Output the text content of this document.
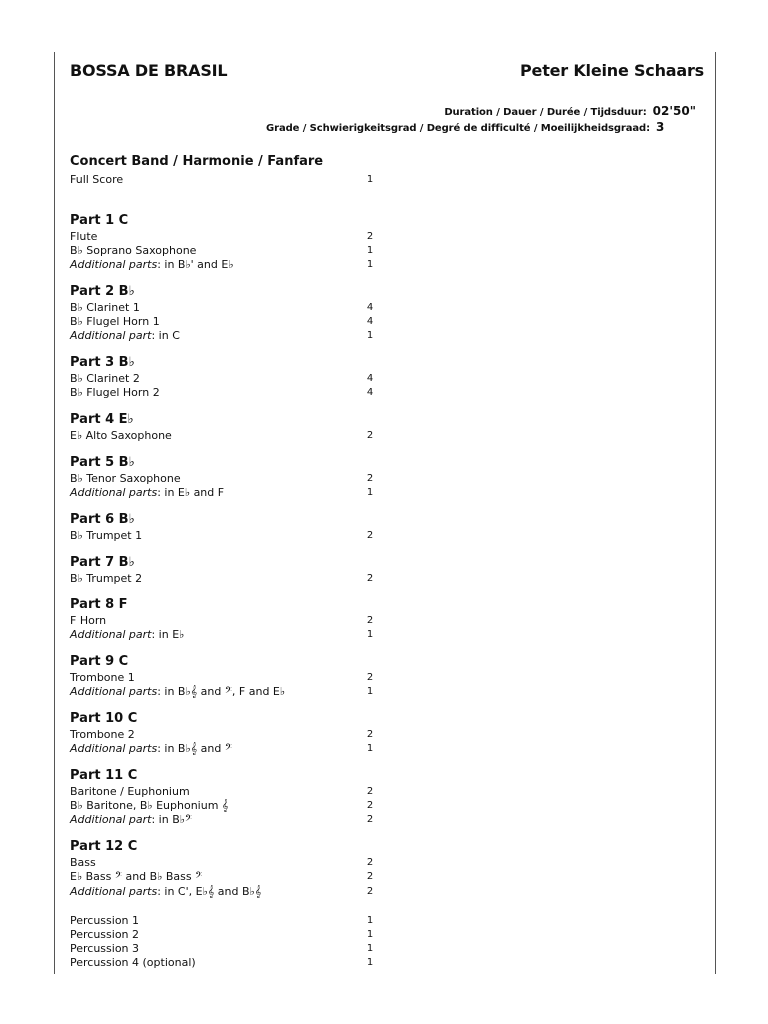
BOSSA DE BRASIL	Peter Kleine Schaars
Duration / Dauer / Durée / Tijdsduur: 02'50"
Grade / Schwierigkeitsgrad / Degré de difficulté / Moeilijkheidsgraad: 3
Concert Band / Harmonie / Fanfare
Full Score	1
Part 1 C
Flute	2
B♭ Soprano Saxophone	1
Additional parts: in B♭' and E♭	1
Part 2 B♭
B♭ Clarinet 1	4
B♭ Flugel Horn 1	4
Additional part: in C	1
Part 3 B♭
B♭ Clarinet 2	4
B♭ Flugel Horn 2	4
Part 4 E♭
E♭ Alto Saxophone	2
Part 5 B♭
B♭ Tenor Saxophone	2
Additional parts: in E♭ and F	1
Part 6 B♭
B♭ Trumpet 1	2
Part 7 B♭
B♭ Trumpet 2	2
Part 8 F
F Horn	2
Additional part: in E♭	1
Part 9 C
Trombone 1	2
Additional parts: in B♭𝄞 and 𝄢, F and E♭	1
Part 10 C
Trombone 2	2
Additional parts: in B♭𝄞 and 𝄢	1
Part 11 C
Baritone / Euphonium	2
B♭ Baritone, B♭ Euphonium 𝄞	2
Additional part: in B♭𝄢	2
Part 12 C
Bass	2
E♭ Bass 𝄢 and B♭ Bass 𝄢	2
Additional parts: in C', E♭𝄞 and B♭𝄞	2
Percussion 1	1
Percussion 2	1
Percussion 3	1
Percussion 4 (optional)	1
